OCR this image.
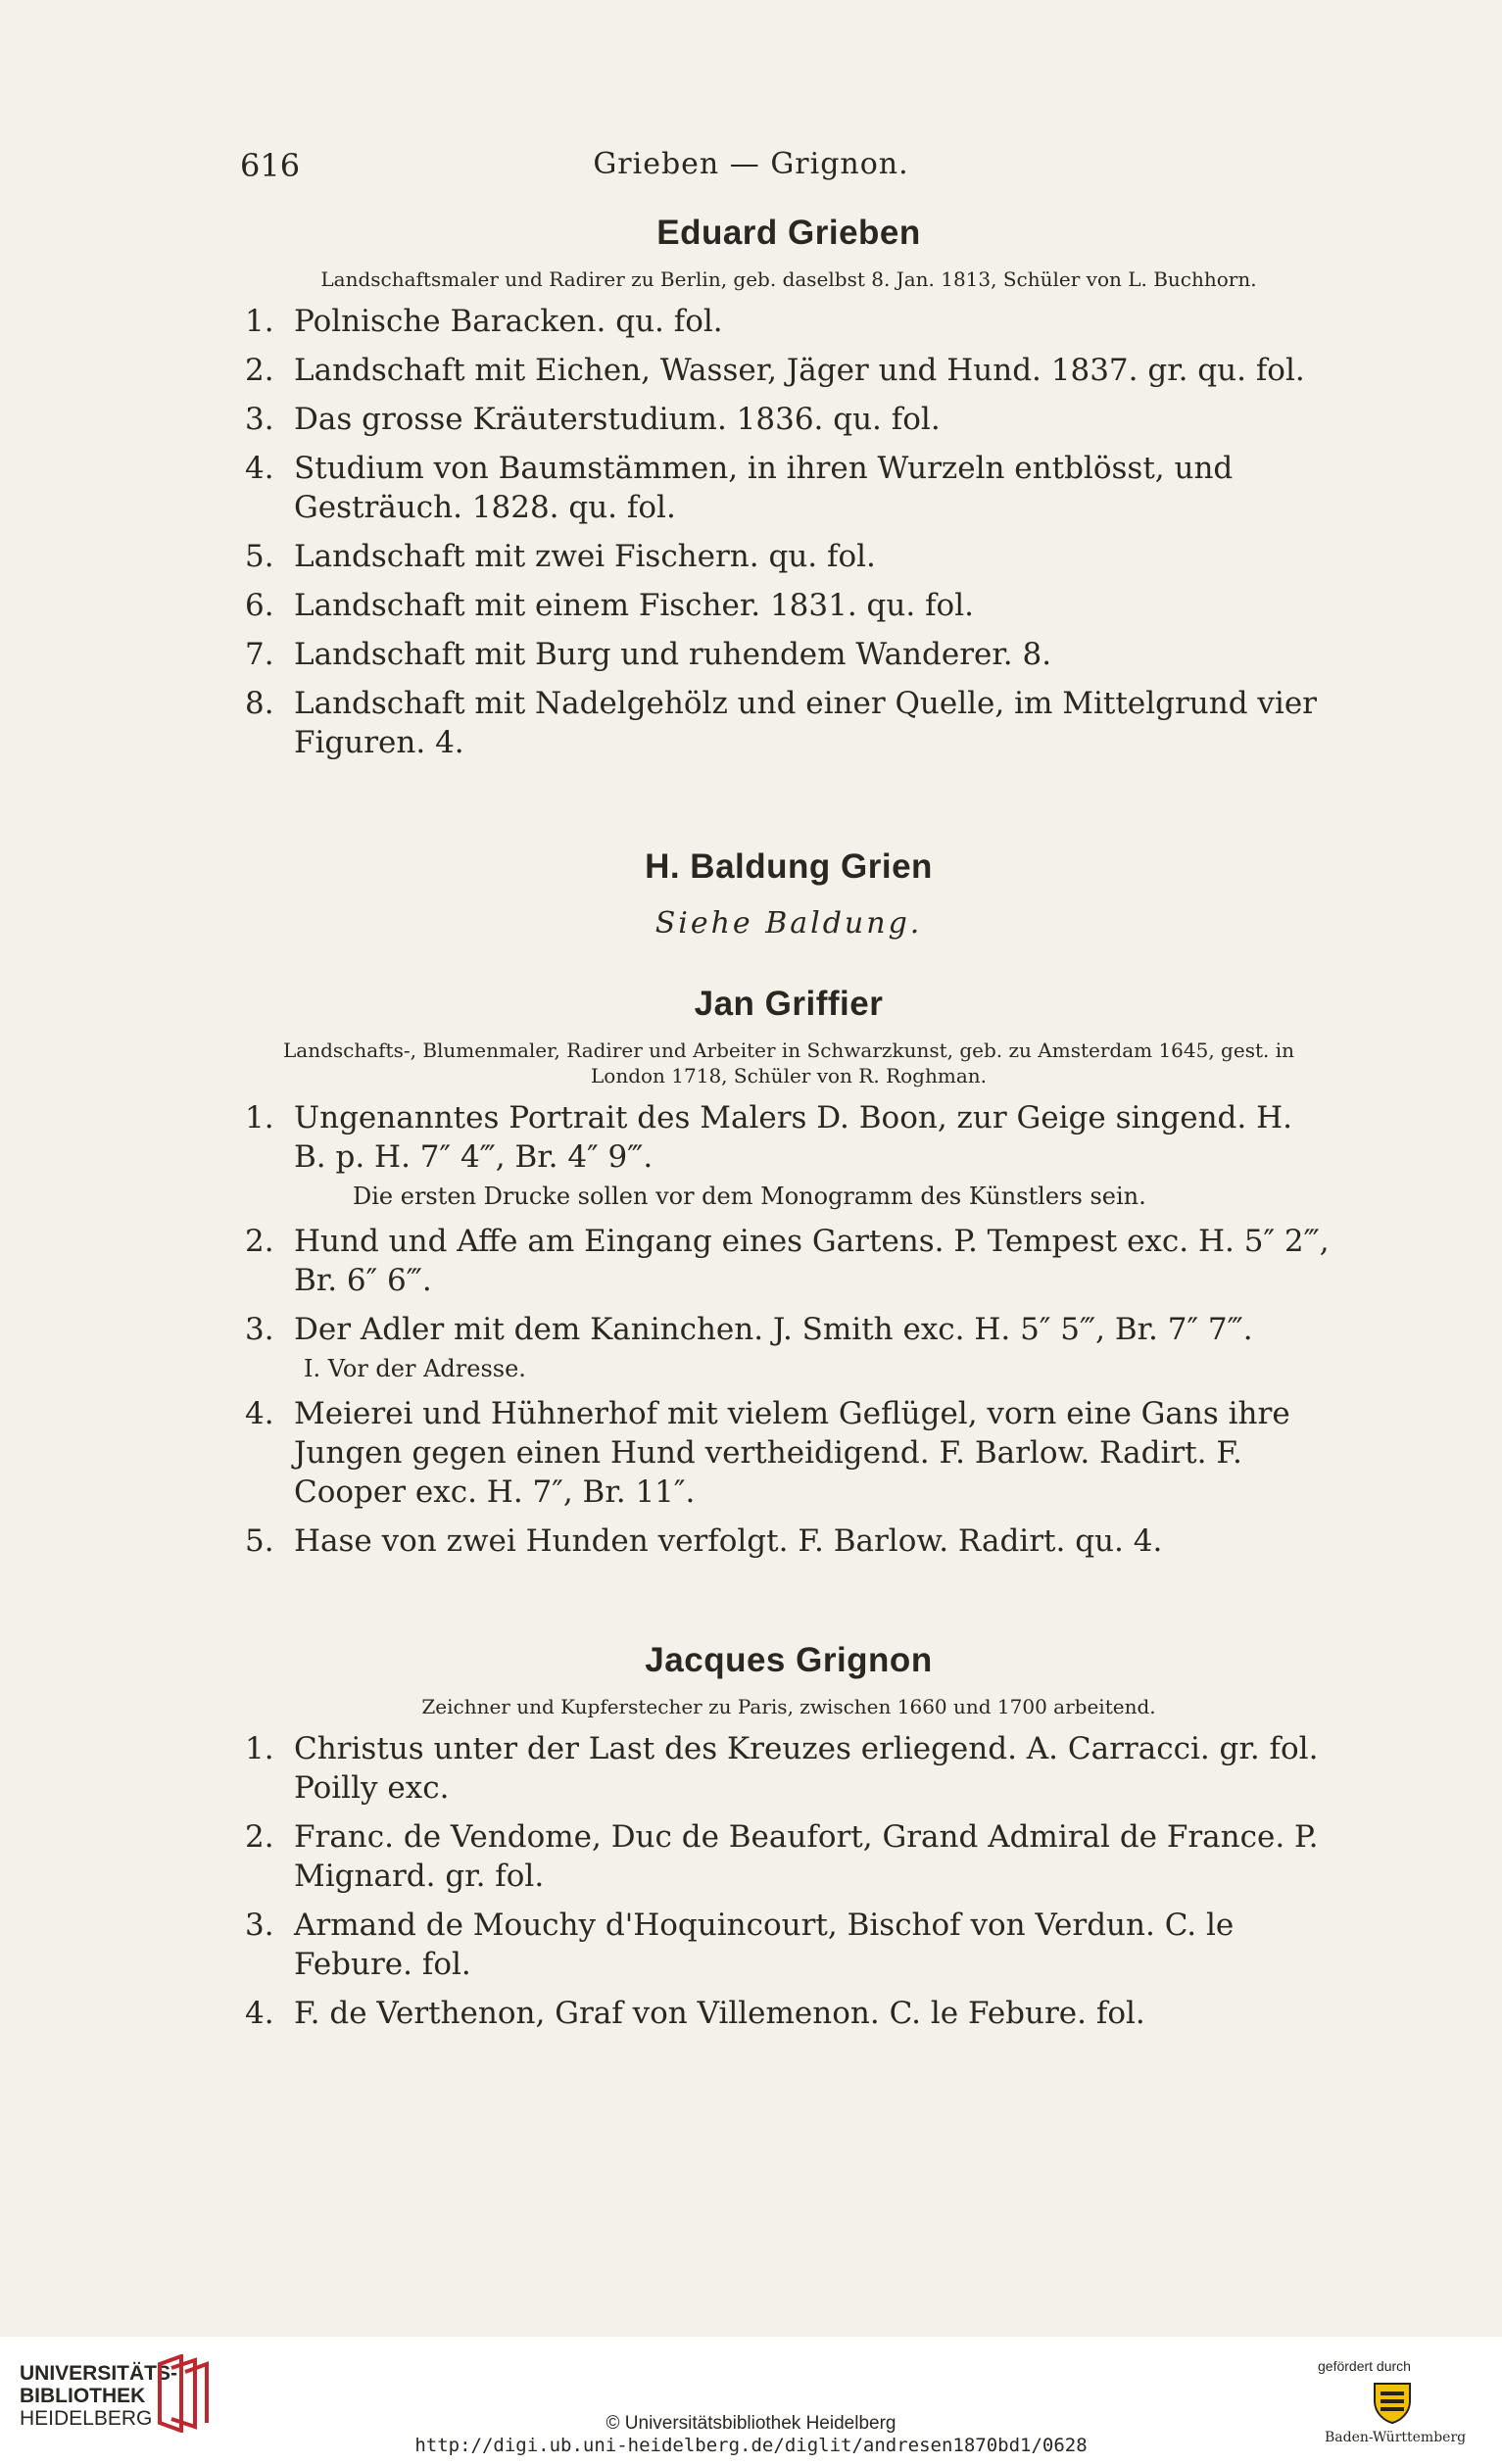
616	Grieben — Grignon.
Eduard Grieben
Landschaftsmaler und Radirer zu Berlin, geb. daselbst 8. Jan. 1813, Schüler von L. Buchhorn.
1. Polnische Baracken. qu. fol.
2. Landschaft mit Eichen, Wasser, Jäger und Hund. 1837. gr. qu. fol.
3. Das grosse Kräuterstudium. 1836. qu. fol.
4. Studium von Baumstämmen, in ihren Wurzeln entblösst, und Gesträuch. 1828. qu. fol.
5. Landschaft mit zwei Fischern. qu. fol.
6. Landschaft mit einem Fischer. 1831. qu. fol.
7. Landschaft mit Burg und ruhendem Wanderer. 8.
8. Landschaft mit Nadelgehölz und einer Quelle, im Mittelgrund vier Figuren. 4.
H. Baldung Grien
Siehe Baldung.
Jan Griffier
Landschafts-, Blumenmaler, Radirer und Arbeiter in Schwarzkunst, geb. zu Amsterdam 1645, gest. in London 1718, Schüler von R. Roghman.
1. Ungenanntes Portrait des Malers D. Boon, zur Geige singend. H. B. p. H. 7″ 4‴, Br. 4″ 9‴.
Die ersten Drucke sollen vor dem Monogramm des Künstlers sein.
2. Hund und Affe am Eingang eines Gartens. P. Tempest exc. H. 5″ 2‴, Br. 6″ 6‴.
3. Der Adler mit dem Kaninchen. J. Smith exc. H. 5″ 5‴, Br. 7″ 7‴.
I. Vor der Adresse.
4. Meierei und Hühnerhof mit vielem Geflügel, vorn eine Gans ihre Jungen gegen einen Hund vertheidigend. F. Barlow. Radirt. F. Cooper exc. H. 7″, Br. 11″.
5. Hase von zwei Hunden verfolgt. F. Barlow. Radirt. qu. 4.
Jacques Grignon
Zeichner und Kupferstecher zu Paris, zwischen 1660 und 1700 arbeitend.
1. Christus unter der Last des Kreuzes erliegend. A. Carracci. gr. fol. Poilly exc.
2. Franc. de Vendome, Duc de Beaufort, Grand Admiral de France. P. Mignard. gr. fol.
3. Armand de Mouchy d'Hoquincourt, Bischof von Verdun. C. le Febure. fol.
4. F. de Verthenon, Graf von Villemenon. C. le Febure. fol.
UNIVERSITÄTS-
BIBLIOTHEK
HEIDELBERG	© Universitätsbibliothek Heidelberg
http://digi.ub.uni-heidelberg.de/diglit/andresen1870bd1/0628
gefördert durch
Baden-Württemberg
